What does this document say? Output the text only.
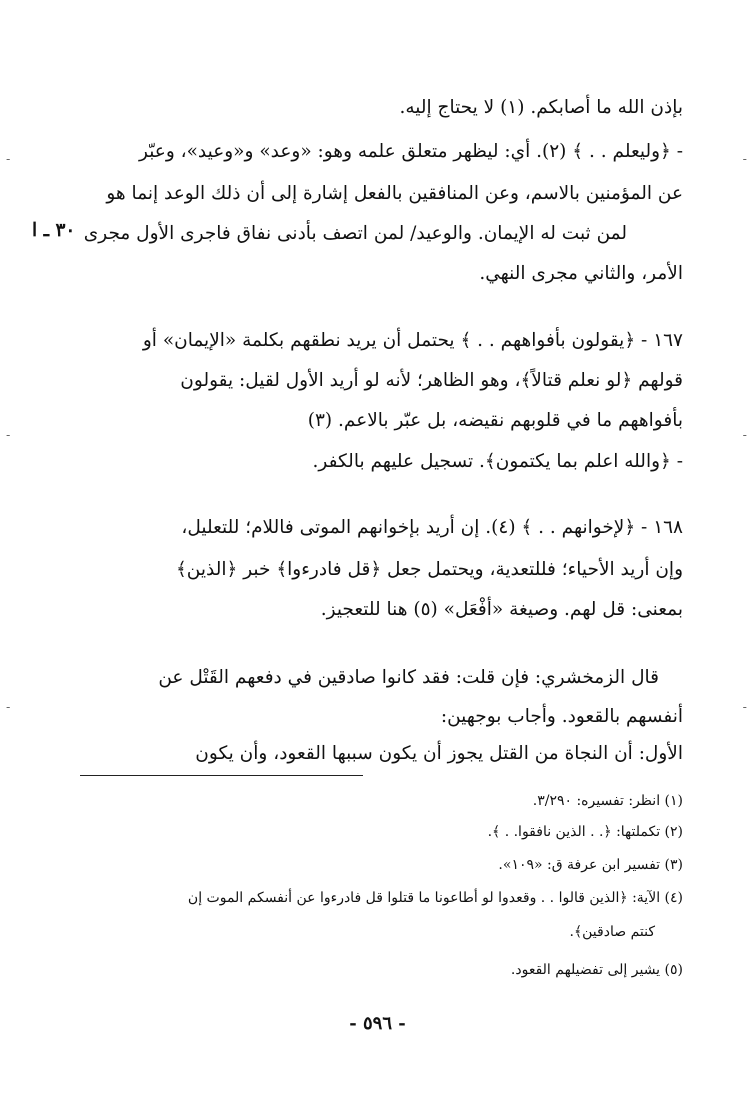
-	-
-	-
-	-
بإذن الله ما أصابكم. (١) لا يحتاج إليه.
- ﴿وليعلم . . ﴾ (٢). أي: ليظهر متعلق علمه وهو: «وعد» و«وعيد»، وعبّر
عن المؤمنين بالاسم، وعن المنافقين بالفعل إشارة إلى أن ذلك الوعد إنما هو
لمن ثبت له الإيمان. والوعيد/ لمن اتصف بأدنى نفاق فاجرى الأول مجرى
٣٠ ـ ا
الأمر، والثاني مجرى النهي.
١٦٧ - ﴿يقولون بأفواههم . . ﴾ يحتمل أن يريد نطقهم بكلمة «الإيمان» أو
قولهم ﴿لو نعلم قتالاً﴾، وهو الظاهر؛ لأنه لو أريد الأول لقيل: يقولون
بأفواههم ما في قلوبهم نقيضه، بل عبّر بالاعم. (٣)
- ﴿والله اعلم بما يكتمون﴾. تسجيل عليهم بالكفر.
١٦٨ - ﴿لإخوانهم . . ﴾ (٤). إن أريد بإخوانهم الموتى فاللام؛ للتعليل،
وإن أريد الأحياء؛ فللتعدية، ويحتمل جعل ﴿قل فادرءوا﴾ خبر ﴿الذين﴾
بمعنى: قل لهم. وصيغة «أفْعَل» (٥) هنا للتعجيز.
قال الزمخشري: فإن قلت: فقد كانوا صادقين في دفعهم القَتْل عن
أنفسهم بالقعود. وأجاب بوجهين:
الأول: أن النجاة من القتل يجوز أن يكون سببها القعود، وأن يكون
(١) انظر: تفسيره: ٣/٢٩٠.
(٢) تكملتها: ﴿. . الذين نافقوا. . ﴾.
(٣) تفسير ابن عرفة ق: «١٠٩».
(٤) الآية: ﴿الذين قالوا . . وقعدوا لو أطاعونا ما قتلوا قل فادرءوا عن أنفسكم الموت إن
كنتم صادقين﴾.
(٥) يشير إلى تفضيلهم القعود.
- ٥٩٦ -
